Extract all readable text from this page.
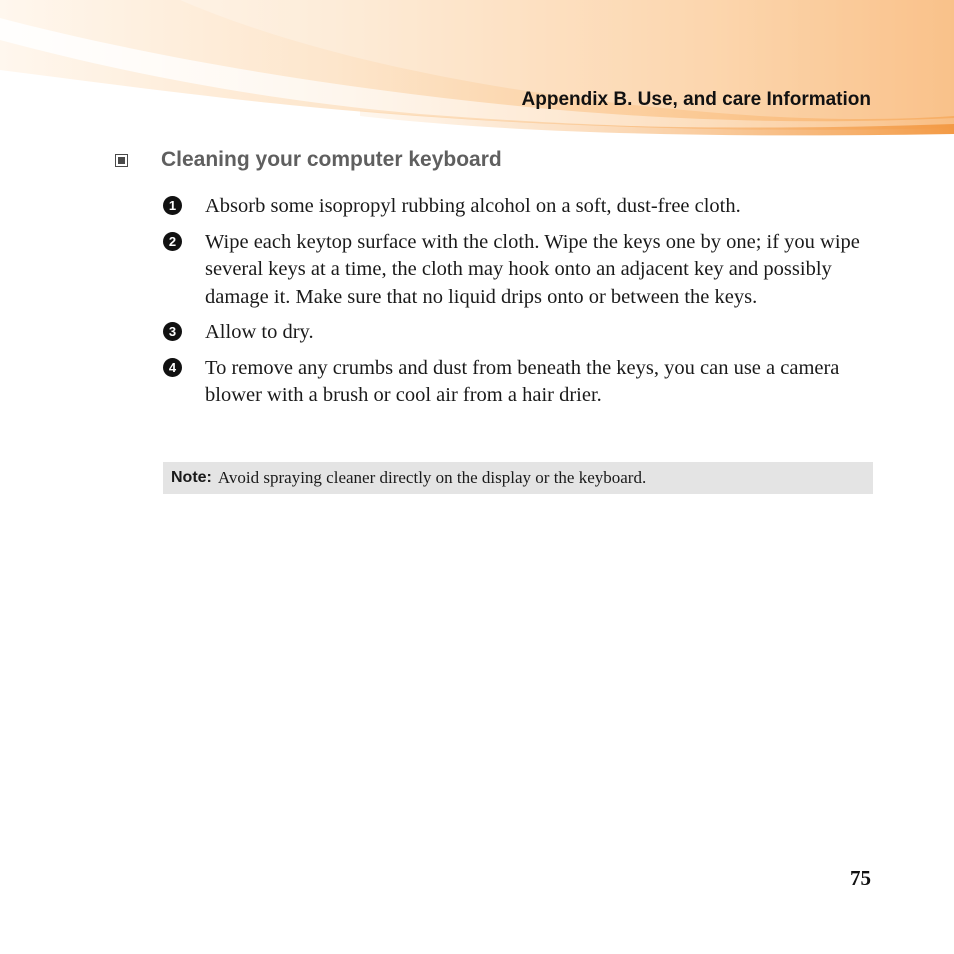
Appendix B. Use, and care Information
Cleaning your computer keyboard
1 Absorb some isopropyl rubbing alcohol on a soft, dust-free cloth.
2 Wipe each keytop surface with the cloth. Wipe the keys one by one; if you wipe several keys at a time, the cloth may hook onto an adjacent key and possibly damage it. Make sure that no liquid drips onto or between the keys.
3 Allow to dry.
4 To remove any crumbs and dust from beneath the keys, you can use a camera blower with a brush or cool air from a hair drier.
Note: Avoid spraying cleaner directly on the display or the keyboard.
75
